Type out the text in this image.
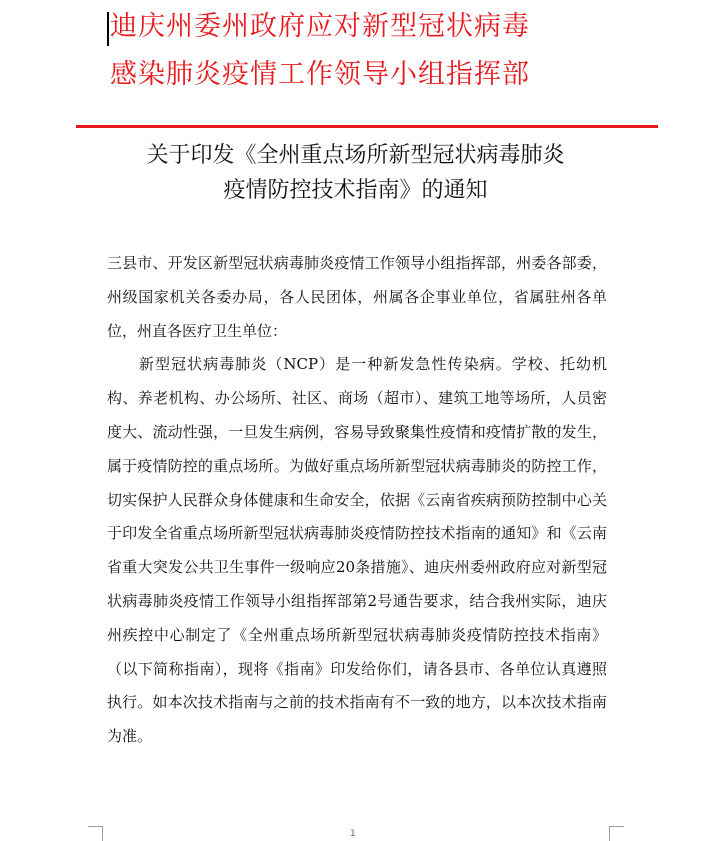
迪庆州委州政府应对新型冠状病毒
感染肺炎疫情工作领导小组指挥部
关于印发《全州重点场所新型冠状病毒肺炎
疫情防控技术指南》的通知

三县市、开发区新型冠状病毒肺炎疫情工作领导小组指挥部，州委各部委，州级国家机关各委办局，各人民团体，州属各企事业单位，省属驻州各单位，州直各医疗卫生单位：

新型冠状病毒肺炎（NCP）是一种新发急性传染病。学校、托幼机构、养老机构、办公场所、社区、商场（超市）、建筑工地等场所，人员密度大、流动性强，一旦发生病例，容易导致聚集性疫情和疫情扩散的发生，属于疫情防控的重点场所。为做好重点场所新型冠状病毒肺炎的防控工作，切实保护人民群众身体健康和生命安全，依据《云南省疾病预防控制中心关于印发全省重点场所新型冠状病毒肺炎疫情防控技术指南的通知》和《云南省重大突发公共卫生事件一级响应20条措施》、迪庆州委州政府应对新型冠状病毒肺炎疫情工作领导小组指挥部第2号通告要求，结合我州实际，迪庆州疾控中心制定了《全州重点场所新型冠状病毒肺炎疫情防控技术指南》（以下简称指南），现将《指南》印发给你们，请各县市、各单位认真遵照执行。如本次技术指南与之前的技术指南有不一致的地方，以本次技术指南为准。

1
